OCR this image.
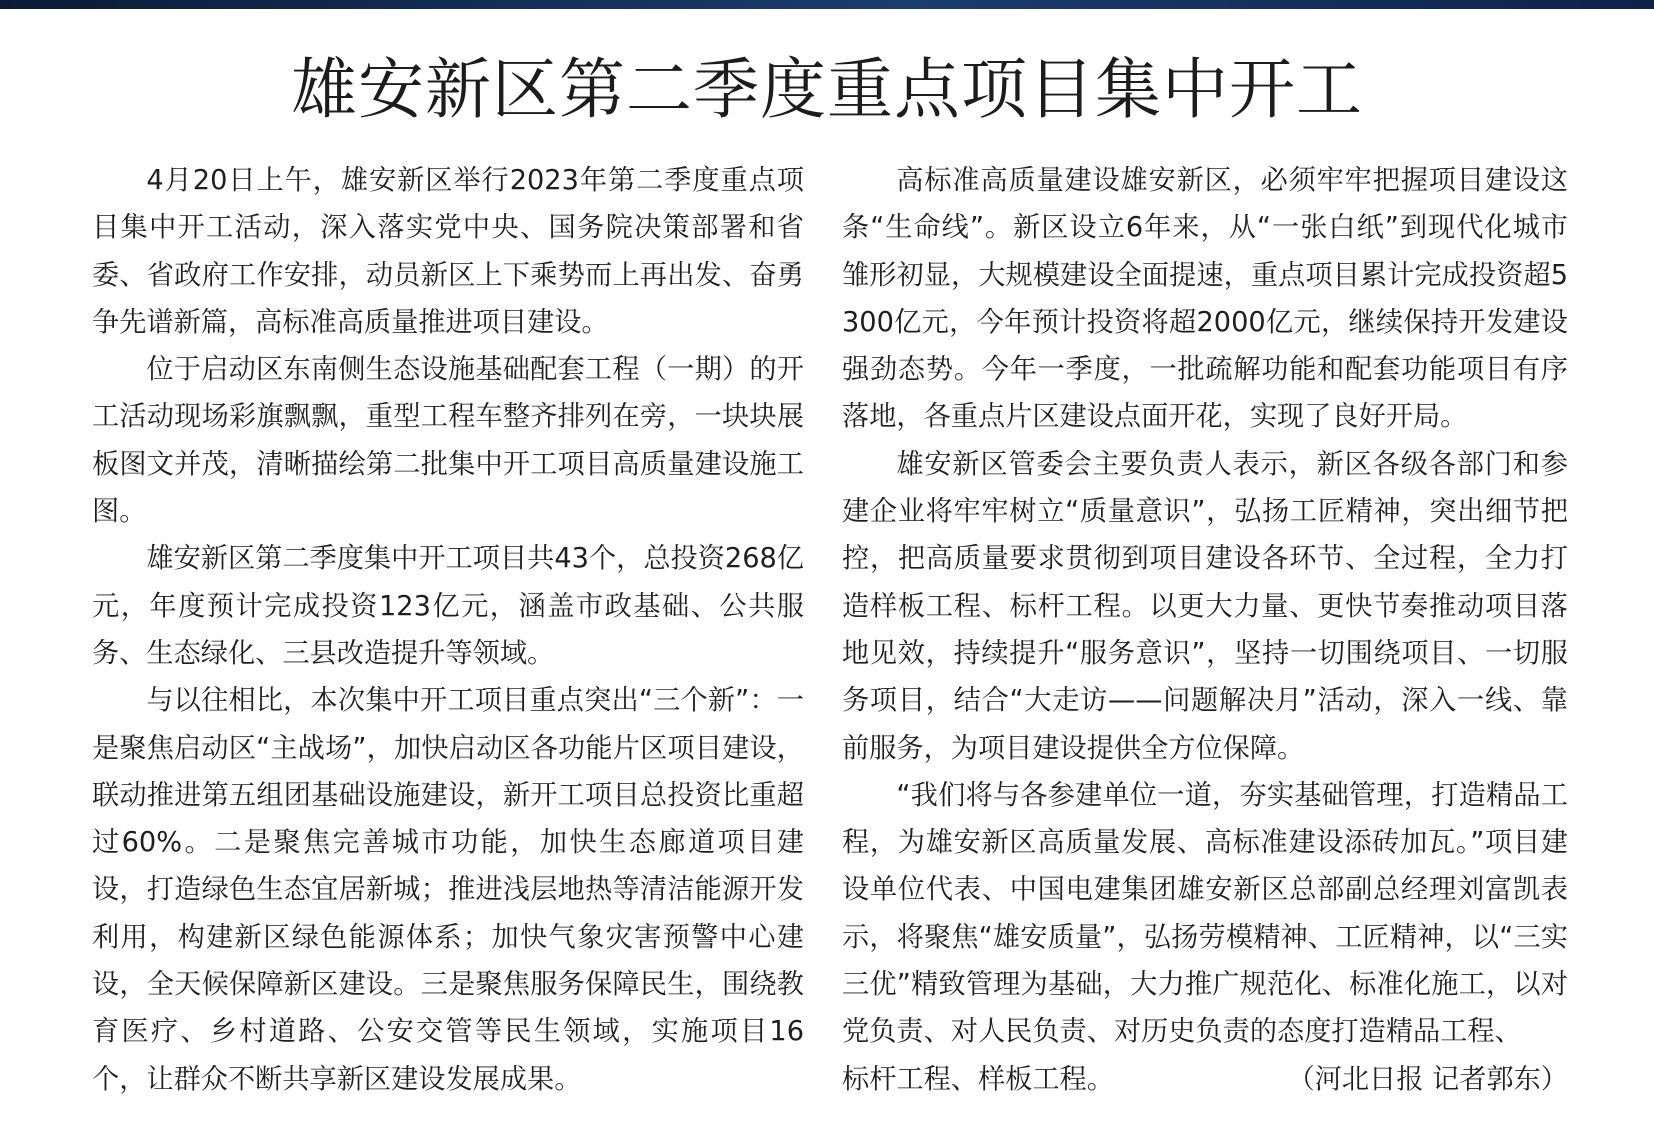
雄安新区第二季度重点项目集中开工

4月20日上午，雄安新区举行2023年第二季度重点项目集中开工活动，深入落实党中央、国务院决策部署和省委、省政府工作安排，动员新区上下乘势而上再出发、奋勇争先谱新篇，高标准高质量推进项目建设。

位于启动区东南侧生态设施基础配套工程（一期）的开工活动现场彩旗飘飘，重型工程车整齐排列在旁，一块块展板图文并茂，清晰描绘第二批集中开工项目高质量建设施工图。

雄安新区第二季度集中开工项目共43个，总投资268亿元，年度预计完成投资123亿元，涵盖市政基础、公共服务、生态绿化、三县改造提升等领域。

与以往相比，本次集中开工项目重点突出“三个新”：一是聚焦启动区“主战场”，加快启动区各功能片区项目建设，联动推进第五组团基础设施建设，新开工项目总投资比重超过60%。二是聚焦完善城市功能，加快生态廊道项目建设，打造绿色生态宜居新城；推进浅层地热等清洁能源开发利用，构建新区绿色能源体系；加快气象灾害预警中心建设，全天候保障新区建设。三是聚焦服务保障民生，围绕教育医疗、乡村道路、公安交管等民生领域，实施项目16个，让群众不断共享新区建设发展成果。

高标准高质量建设雄安新区，必须牢牢把握项目建设这条“生命线”。新区设立6年来，从“一张白纸”到现代化城市雏形初显，大规模建设全面提速，重点项目累计完成投资超5300亿元，今年预计投资将超2000亿元，继续保持开发建设强劲态势。今年一季度，一批疏解功能和配套功能项目有序落地，各重点片区建设点面开花，实现了良好开局。

雄安新区管委会主要负责人表示，新区各级各部门和参建企业将牢牢树立“质量意识”，弘扬工匠精神，突出细节把控，把高质量要求贯彻到项目建设各环节、全过程，全力打造样板工程、标杆工程。以更大力量、更快节奏推动项目落地见效，持续提升“服务意识”，坚持一切围绕项目、一切服务项目，结合“大走访——问题解决月”活动，深入一线、靠前服务，为项目建设提供全方位保障。

“我们将与各参建单位一道，夯实基础管理，打造精品工程，为雄安新区高质量发展、高标准建设添砖加瓦。”项目建设单位代表、中国电建集团雄安新区总部副总经理刘富凯表示，将聚焦“雄安质量”，弘扬劳模精神、工匠精神，以“三实三优”精致管理为基础，大力推广规范化、标准化施工，以对党负责、对人民负责、对历史负责的态度打造精品工程、

标杆工程、样板工程。	（河北日报 记者郭东）
